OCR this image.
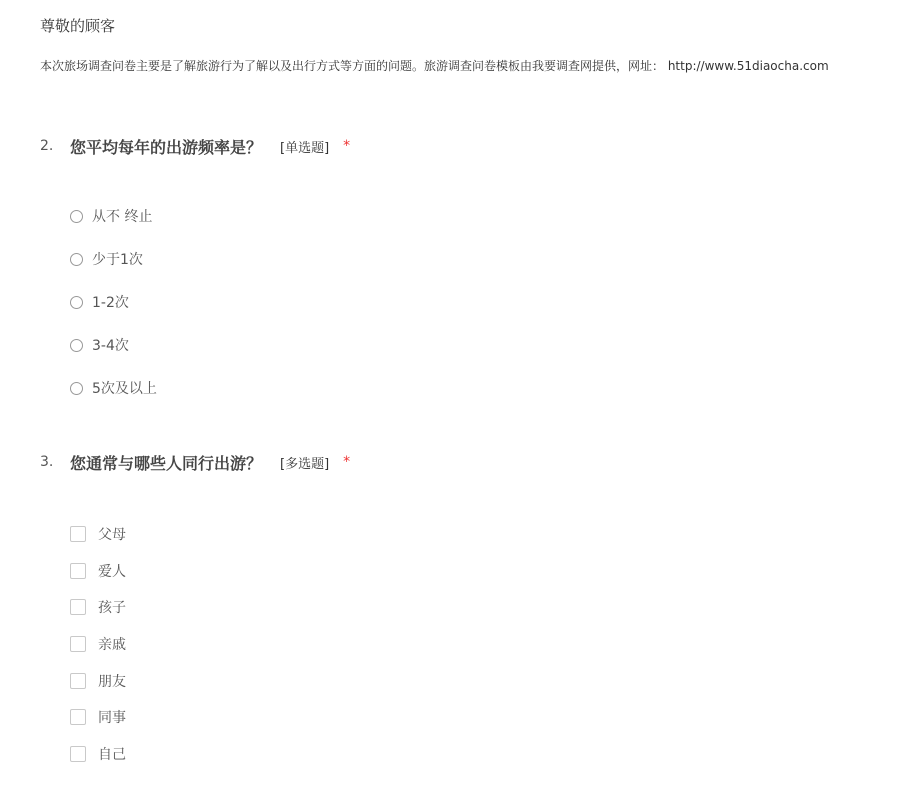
尊敬的顾客
本次旅场调查问卷主要是了解旅游行为了解以及出行方式等方面的问题。旅游调查问卷模板由我要调查网提供，网址： http://www.51diaocha.com
2.	您平均每年的出游频率是？ [单选题] *
从不 终止
少于1次
1-2次
3-4次
5次及以上
3.	您通常与哪些人同行出游？ [多选题] *
父母
爱人
孩子
亲戚
朋友
同事
自己
